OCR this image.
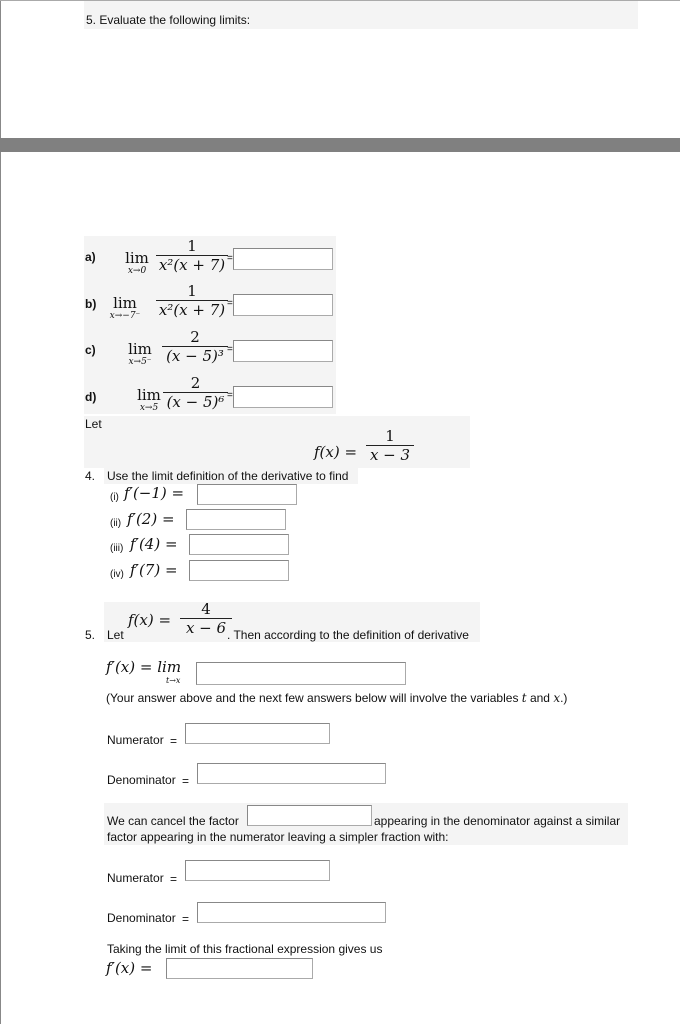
5. Evaluate the following limits:
a)	lim
$x\to 0 \frac{1}{\text{x²(x + 7)}}$ =
b)	lim
x→−7⁻	$\frac{1}{\text{x²(x + 7)}}$ =
c)	lim
$x\to 5^- \frac{2}{\text{(x − 5)³}}$ =
d)	lim
$x\to 5 \frac{2}{\text{(x − 5)⁶}}$ =
Let
$f(x) = \frac{1}{x - 3}$
4. Use the limit definition of the derivative to find
(i) f′(−1) =
(ii) f′(2) =
(iii) f′(4) =
(iv) f′(7) =
5. Let
$f(x) = \frac{4}{x - 6}$
. Then according to the definition of derivative
f′(x) = lim
t→x
(Your answer above and the next few answers below will involve the variables t and x.)
Numerator =
Denominator =
We can cancel the factor	appearing in the denominator against a similar
factor appearing in the numerator leaving a simpler fraction with:
Numerator =
Denominator =
Taking the limit of this fractional expression gives us
f′(x) =
